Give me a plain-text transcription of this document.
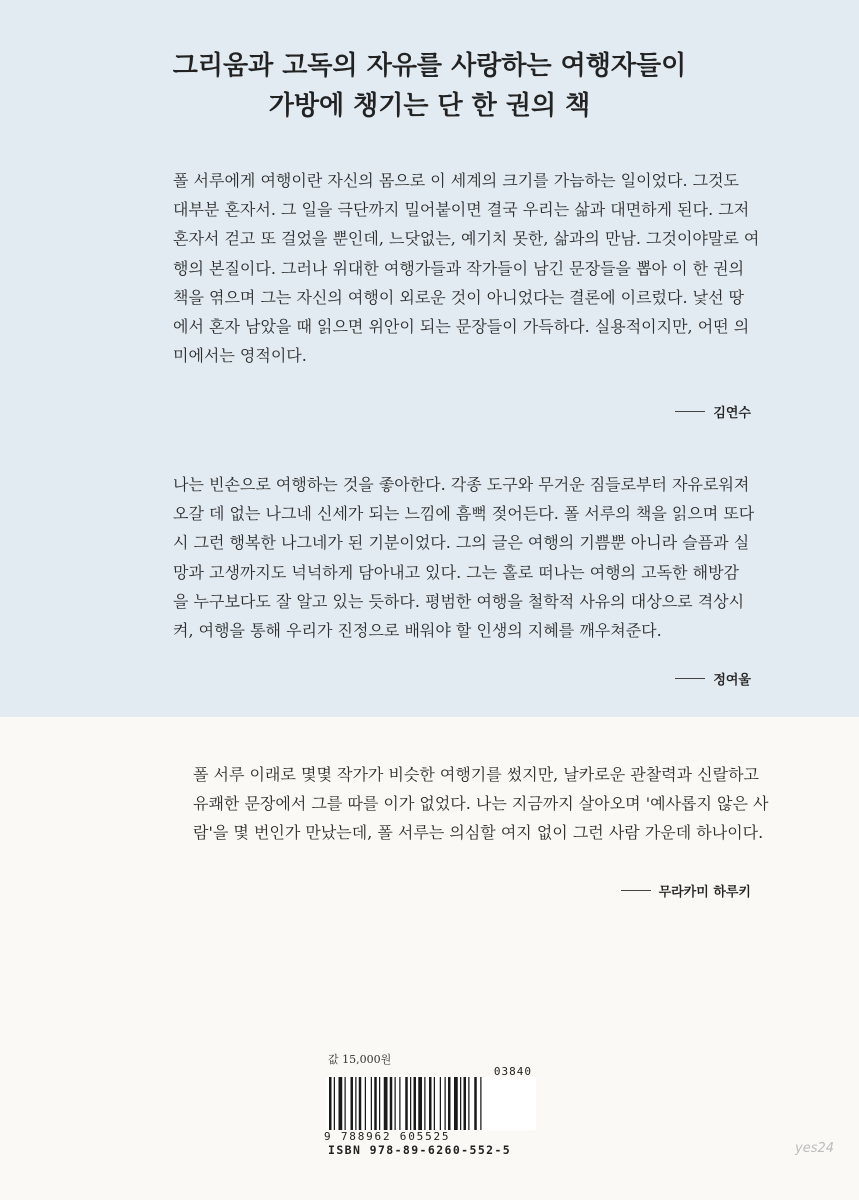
그리움과 고독의 자유를 사랑하는 여행자들이
가방에 챙기는 단 한 권의 책
폴 서루에게 여행이란 자신의 몸으로 이 세계의 크기를 가늠하는 일이었다. 그것도
대부분 혼자서. 그 일을 극단까지 밀어붙이면 결국 우리는 삶과 대면하게 된다. 그저
혼자서 걷고 또 걸었을 뿐인데, 느닷없는, 예기치 못한, 삶과의 만남. 그것이야말로 여
행의 본질이다. 그러나 위대한 여행가들과 작가들이 남긴 문장들을 뽑아 이 한 권의
책을 엮으며 그는 자신의 여행이 외로운 것이 아니었다는 결론에 이르렀다. 낯선 땅
에서 혼자 남았을 때 읽으면 위안이 되는 문장들이 가득하다. 실용적이지만, 어떤 의
미에서는 영적이다.
김연수
나는 빈손으로 여행하는 것을 좋아한다. 각종 도구와 무거운 짐들로부터 자유로워져
오갈 데 없는 나그네 신세가 되는 느낌에 흠뻑 젖어든다. 폴 서루의 책을 읽으며 또다
시 그런 행복한 나그네가 된 기분이었다. 그의 글은 여행의 기쁨뿐 아니라 슬픔과 실
망과 고생까지도 넉넉하게 담아내고 있다. 그는 홀로 떠나는 여행의 고독한 해방감
을 누구보다도 잘 알고 있는 듯하다. 평범한 여행을 철학적 사유의 대상으로 격상시
켜, 여행을 통해 우리가 진정으로 배워야 할 인생의 지혜를 깨우쳐준다.
정여울
폴 서루 이래로 몇몇 작가가 비슷한 여행기를 썼지만, 날카로운 관찰력과 신랄하고
유쾌한 문장에서 그를 따를 이가 없었다. 나는 지금까지 살아오며 '예사롭지 않은 사
람'을 몇 번인가 만났는데, 폴 서루는 의심할 여지 없이 그런 사람 가운데 하나이다.
무라카미 하루키
값 15,000원
03840
9 788962 605525
ISBN 978-89-6260-552-5	yes24
